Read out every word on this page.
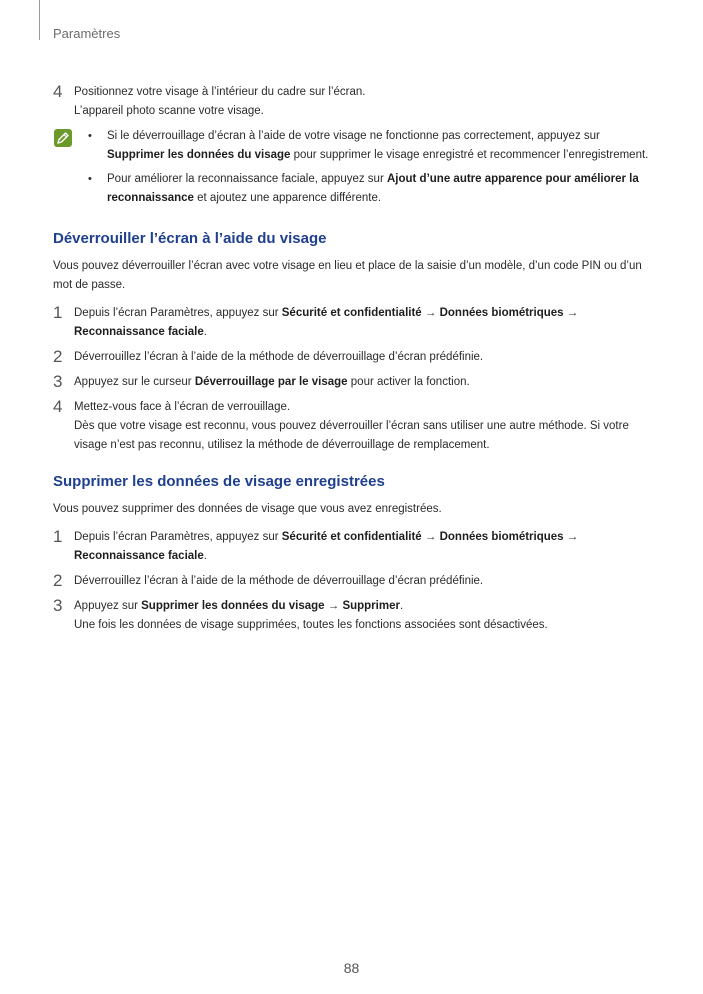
Paramètres
4 Positionnez votre visage à l’intérieur du cadre sur l’écran.
L’appareil photo scanne votre visage.
• Si le déverrouillage d’écran à l’aide de votre visage ne fonctionne pas correctement, appuyez sur Supprimer les données du visage pour supprimer le visage enregistré et recommencer l’enregistrement.
• Pour améliorer la reconnaissance faciale, appuyez sur Ajout d’une autre apparence pour améliorer la reconnaissance et ajoutez une apparence différente.
Déverrouiller l’écran à l’aide du visage

Vous pouvez déverrouiller l’écran avec votre visage en lieu et place de la saisie d’un modèle, d’un code PIN ou d’un mot de passe.

1 Depuis l’écran Paramètres, appuyez sur Sécurité et confidentialité → Données biométriques → Reconnaissance faciale.
2 Déverrouillez l’écran à l’aide de la méthode de déverrouillage d’écran prédéfinie.
3 Appuyez sur le curseur Déverrouillage par le visage pour activer la fonction.
4 Mettez-vous face à l’écran de verrouillage.
Dès que votre visage est reconnu, vous pouvez déverrouiller l’écran sans utiliser une autre méthode. Si votre visage n’est pas reconnu, utilisez la méthode de déverrouillage de remplacement.
Supprimer les données de visage enregistrées

Vous pouvez supprimer des données de visage que vous avez enregistrées.

1 Depuis l’écran Paramètres, appuyez sur Sécurité et confidentialité → Données biométriques → Reconnaissance faciale.
2 Déverrouillez l’écran à l’aide de la méthode de déverrouillage d’écran prédéfinie.
3 Appuyez sur Supprimer les données du visage → Supprimer.
Une fois les données de visage supprimées, toutes les fonctions associées sont désactivées.
88
